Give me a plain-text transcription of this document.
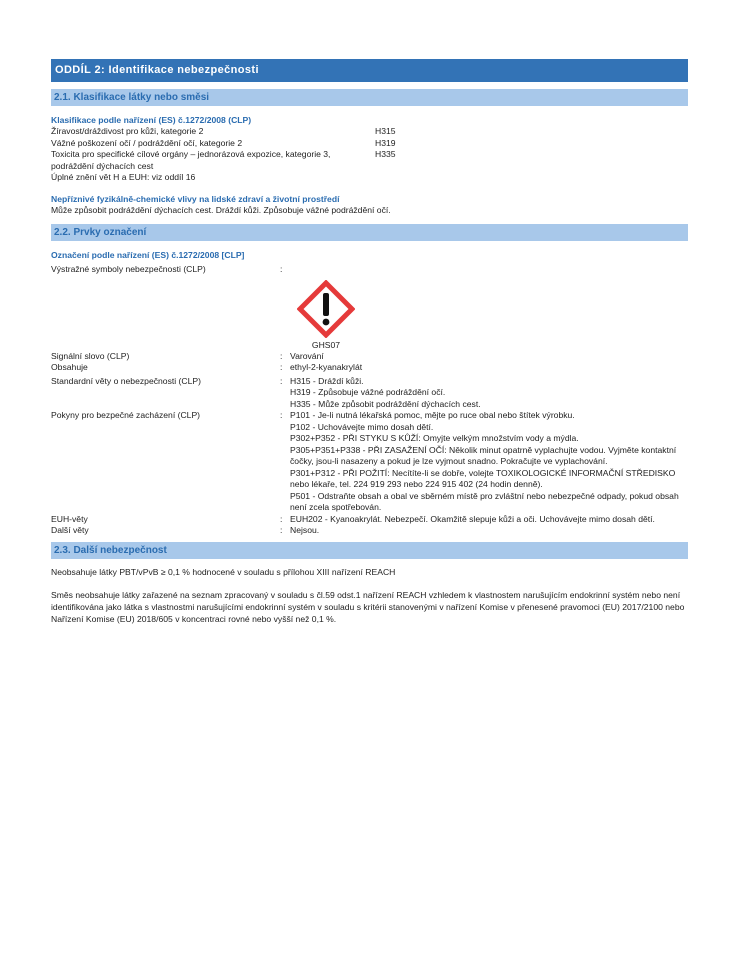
ODDÍL 2: Identifikace nebezpečnosti
2.1. Klasifikace látky nebo směsi
Klasifikace podle nařízení (ES) č.1272/2008 (CLP)
Žíravost/dráždivost pro kůži, kategorie 2	H315
Vážné poškození očí / podráždění očí, kategorie 2	H319
Toxicita pro specifické cílové orgány – jednorázová expozice, kategorie 3,	H335
podráždění dýchacích cest
Úplné znění vět H a EUH: viz oddíl 16
Nepříznivé fyzikálně-chemické vlivy na lidské zdraví a životní prostředí
Může způsobit podráždění dýchacích cest. Dráždí kůži. Způsobuje vážné podráždění očí.
2.2. Prvky označení
Označení podle nařízení (ES) č.1272/2008 [CLP]
Výstražné symboly nebezpečnosti (CLP)	:
GHS07
Signální slovo (CLP)	: Varování
Obsahuje	: ethyl-2-kyanakrylát
Standardní věty o nebezpečnosti (CLP)	: H315 - Dráždí kůži.
H319 - Způsobuje vážné podráždění očí.
H335 - Může způsobit podráždění dýchacích cest.
Pokyny pro bezpečné zacházení (CLP)	: P101 - Je-li nutná lékařská pomoc, mějte po ruce obal nebo štítek výrobku.
P102 - Uchovávejte mimo dosah dětí.
P302+P352 - PŘI STYKU S KŮŽÍ: Omyjte velkým množstvím vody a mýdla.
P305+P351+P338 - PŘI ZASAŽENÍ OČÍ: Několik minut opatrně vyplachujte vodou. Vyjměte kontaktní čočky, jsou-li nasazeny a pokud je lze vyjmout snadno. Pokračujte ve vyplachování.
P301+P312 - PŘI POŽITÍ: Necítíte-li se dobře, volejte TOXIKOLOGICKÉ INFORMAČNÍ STŘEDISKO nebo lékaře, tel. 224 919 293 nebo 224 915 402 (24 hodin denně).
P501 - Odstraňte obsah a obal ve sběrném místě pro zvláštní nebo nebezpečné odpady, pokud obsah není zcela spotřebován.
EUH-věty	: EUH202 - Kyanoakrylát. Nebezpečí. Okamžitě slepuje kůži a oči. Uchovávejte mimo dosah dětí.
Další věty	: Nejsou.
2.3. Další nebezpečnost
Neobsahuje látky PBT/vPvB ≥ 0,1 % hodnocené v souladu s přílohou XIII nařízení REACH
Směs neobsahuje látky zařazené na seznam zpracovaný v souladu s čl.59 odst.1 nařízení REACH vzhledem k vlastnostem narušujícím endokrinní systém nebo není identifikována jako látka s vlastnostmi narušujícími endokrinní systém v souladu s kritérii stanovenými v nařízení Komise v přenesené pravomoci (EU) 2017/2100 nebo Nařízení Komise (EU) 2018/605 v koncentraci rovné nebo vyšší než 0,1 %.
